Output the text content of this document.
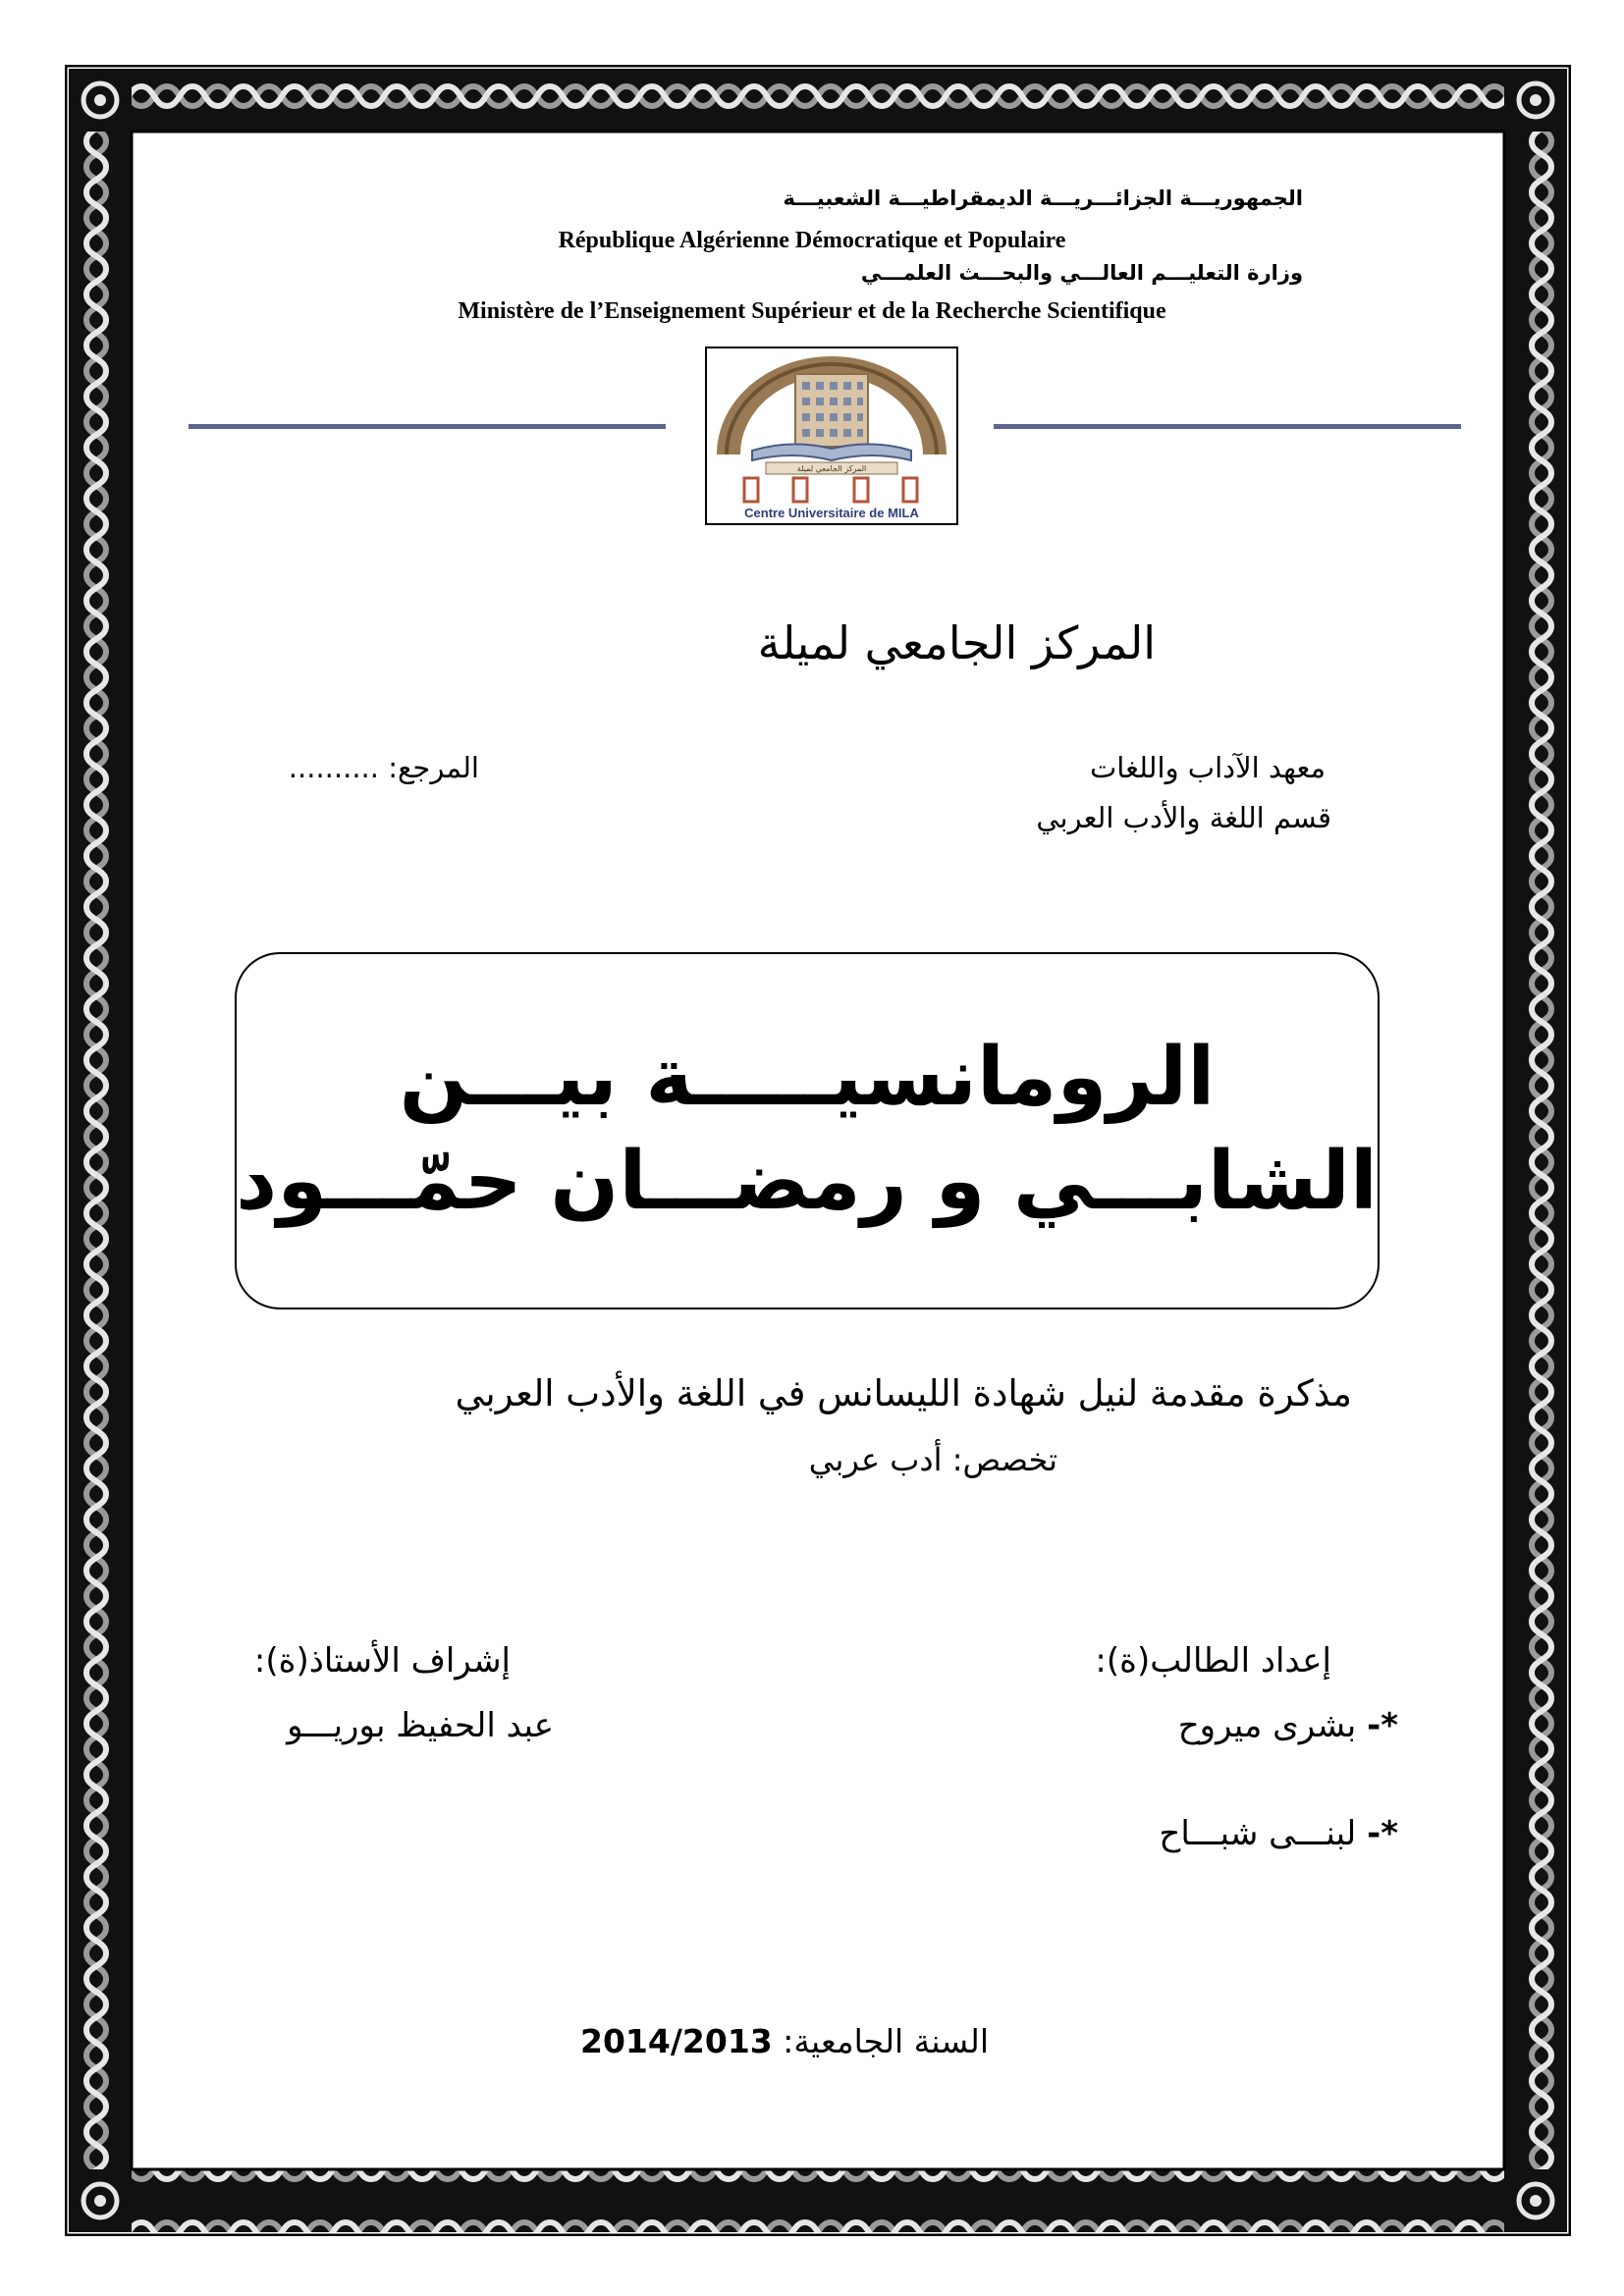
الجمهوريـــة الجزائـــريـــة الديمقراطيـــة الشعبيـــة
République Algérienne Démocratique et Populaire
وزارة التعليـــم العالـــي والبحـــث العلمـــي
Ministère de l’Enseignement Supérieur et de la Recherche Scientifique
المركز الجامعي لميلة
Centre Universitaire de MILA
المركز الجامعي لميلة
معهد الآداب واللغات
قسم اللغة والأدب العربي
المرجع: ..........
الرومانسيـــــة بيـــن
الشابـــي و رمضـــان حمّـــود
مذكرة مقدمة لنيل شهادة الليسانس في اللغة والأدب العربي
تخصص: أدب عربي
إعداد الطالب(ة):
*- بشرى ميروح
*- لبنـــى شبـــاح
إشراف الأستاذ(ة):
عبد الحفيظ بوريـــو
السنة الجامعية: 2014/2013
